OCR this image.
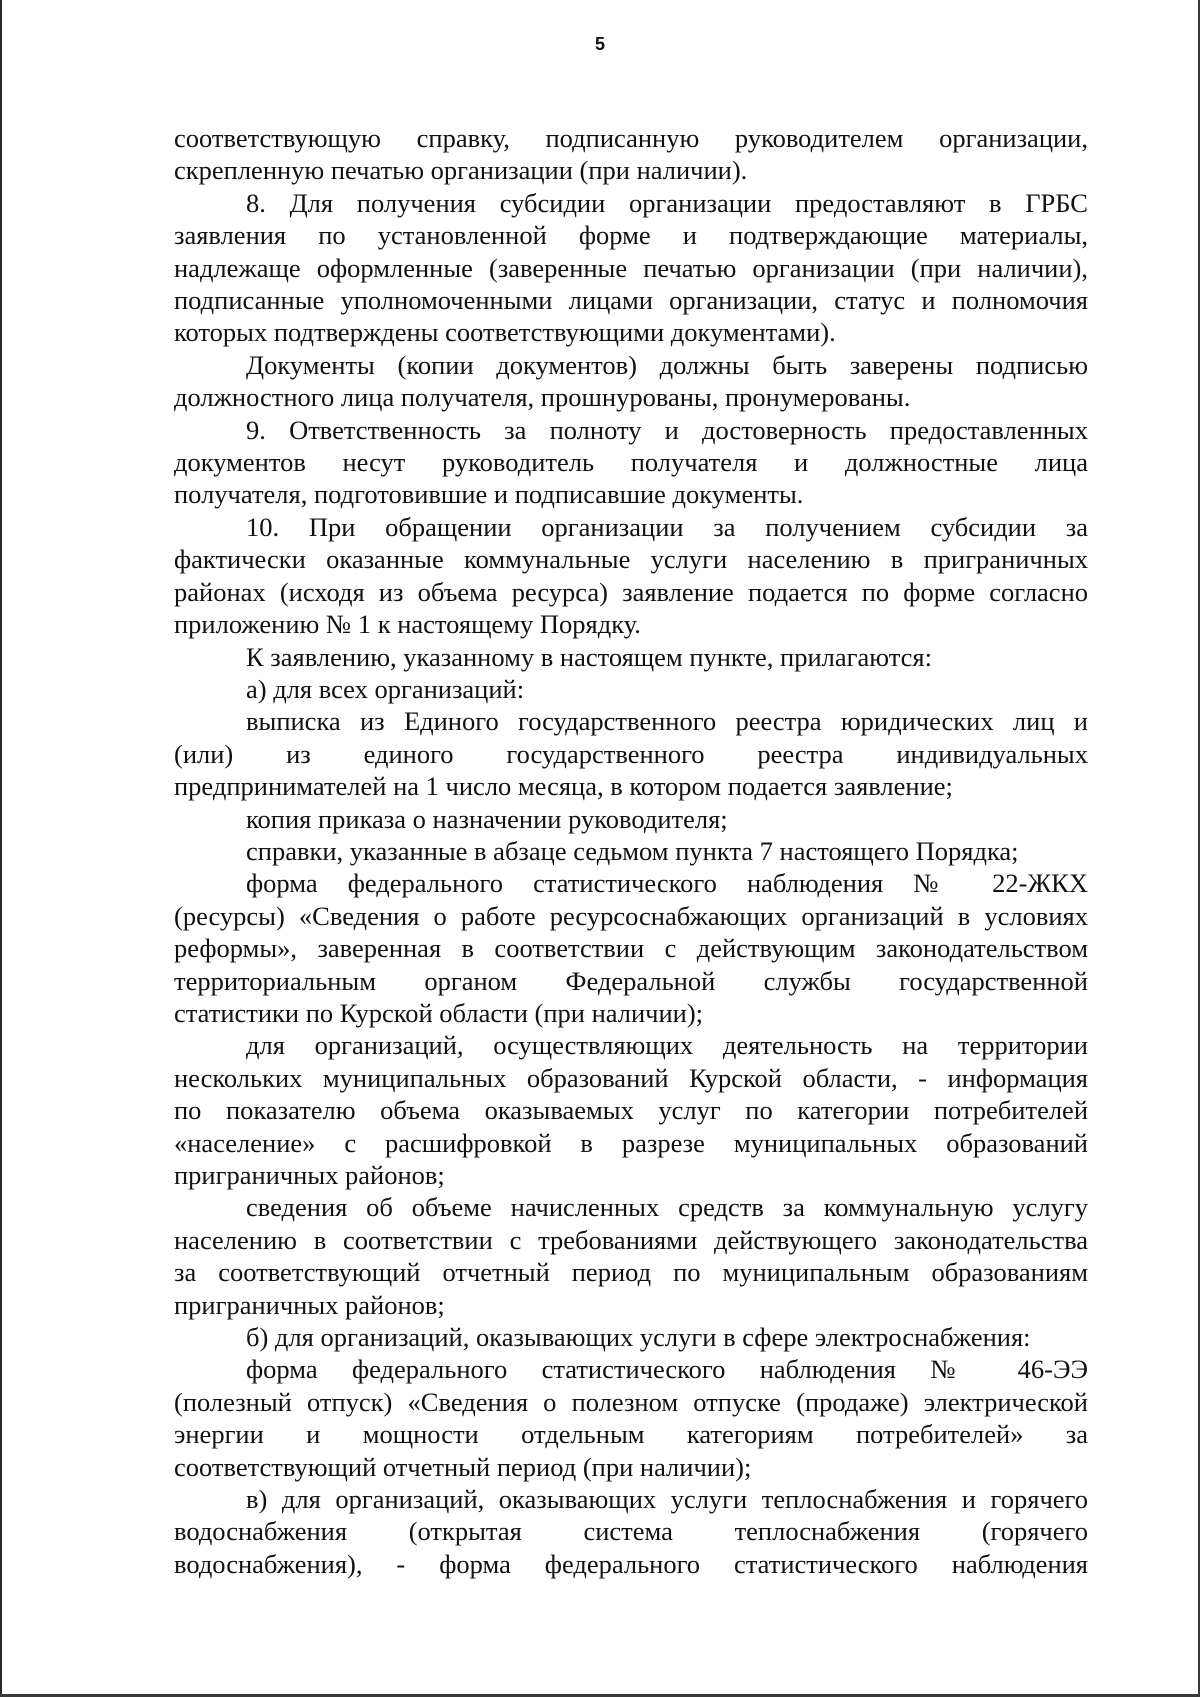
5
соответствующую справку, подписанную руководителем организации,
скрепленную печатью организации (при наличии).
8. Для получения субсидии организации предоставляют в ГРБС
заявления по установленной форме и подтверждающие материалы,
надлежаще оформленные (заверенные печатью организации (при наличии),
подписанные уполномоченными лицами организации, статус и полномочия
которых подтверждены соответствующими документами).
Документы (копии документов) должны быть заверены подписью
должностного лица получателя, прошнурованы, пронумерованы.
9. Ответственность за полноту и достоверность предоставленных
документов несут руководитель получателя и должностные лица
получателя, подготовившие и подписавшие документы.
10. При обращении организации за получением субсидии за
фактически оказанные коммунальные услуги населению в приграничных
районах (исходя из объема ресурса) заявление подается по форме согласно
приложению № 1 к настоящему Порядку.
К заявлению, указанному в настоящем пункте, прилагаются:
а) для всех организаций:
выписка из Единого государственного реестра юридических лиц и
(или) из единого государственного реестра индивидуальных
предпринимателей на 1 число месяца, в котором подается заявление;
копия приказа о назначении руководителя;
справки, указанные в абзаце седьмом пункта 7 настоящего Порядка;
форма федерального статистического наблюдения № 22-ЖКХ
(ресурсы) «Сведения о работе ресурсоснабжающих организаций в условиях
реформы», заверенная в соответствии с действующим законодательством
территориальным органом Федеральной службы государственной
статистики по Курской области (при наличии);
для организаций, осуществляющих деятельность на территории
нескольких муниципальных образований Курской области, - информация
по показателю объема оказываемых услуг по категории потребителей
«население» с расшифровкой в разрезе муниципальных образований
приграничных районов;
сведения об объеме начисленных средств за коммунальную услугу
населению в соответствии с требованиями действующего законодательства
за соответствующий отчетный период по муниципальным образованиям
приграничных районов;
б) для организаций, оказывающих услуги в сфере электроснабжения:
форма федерального статистического наблюдения № 46-ЭЭ
(полезный отпуск) «Сведения о полезном отпуске (продаже) электрической
энергии и мощности отдельным категориям потребителей» за
соответствующий отчетный период (при наличии);
в) для организаций, оказывающих услуги теплоснабжения и горячего
водоснабжения (открытая система теплоснабжения (горячего
водоснабжения), - форма федерального статистического наблюдения
